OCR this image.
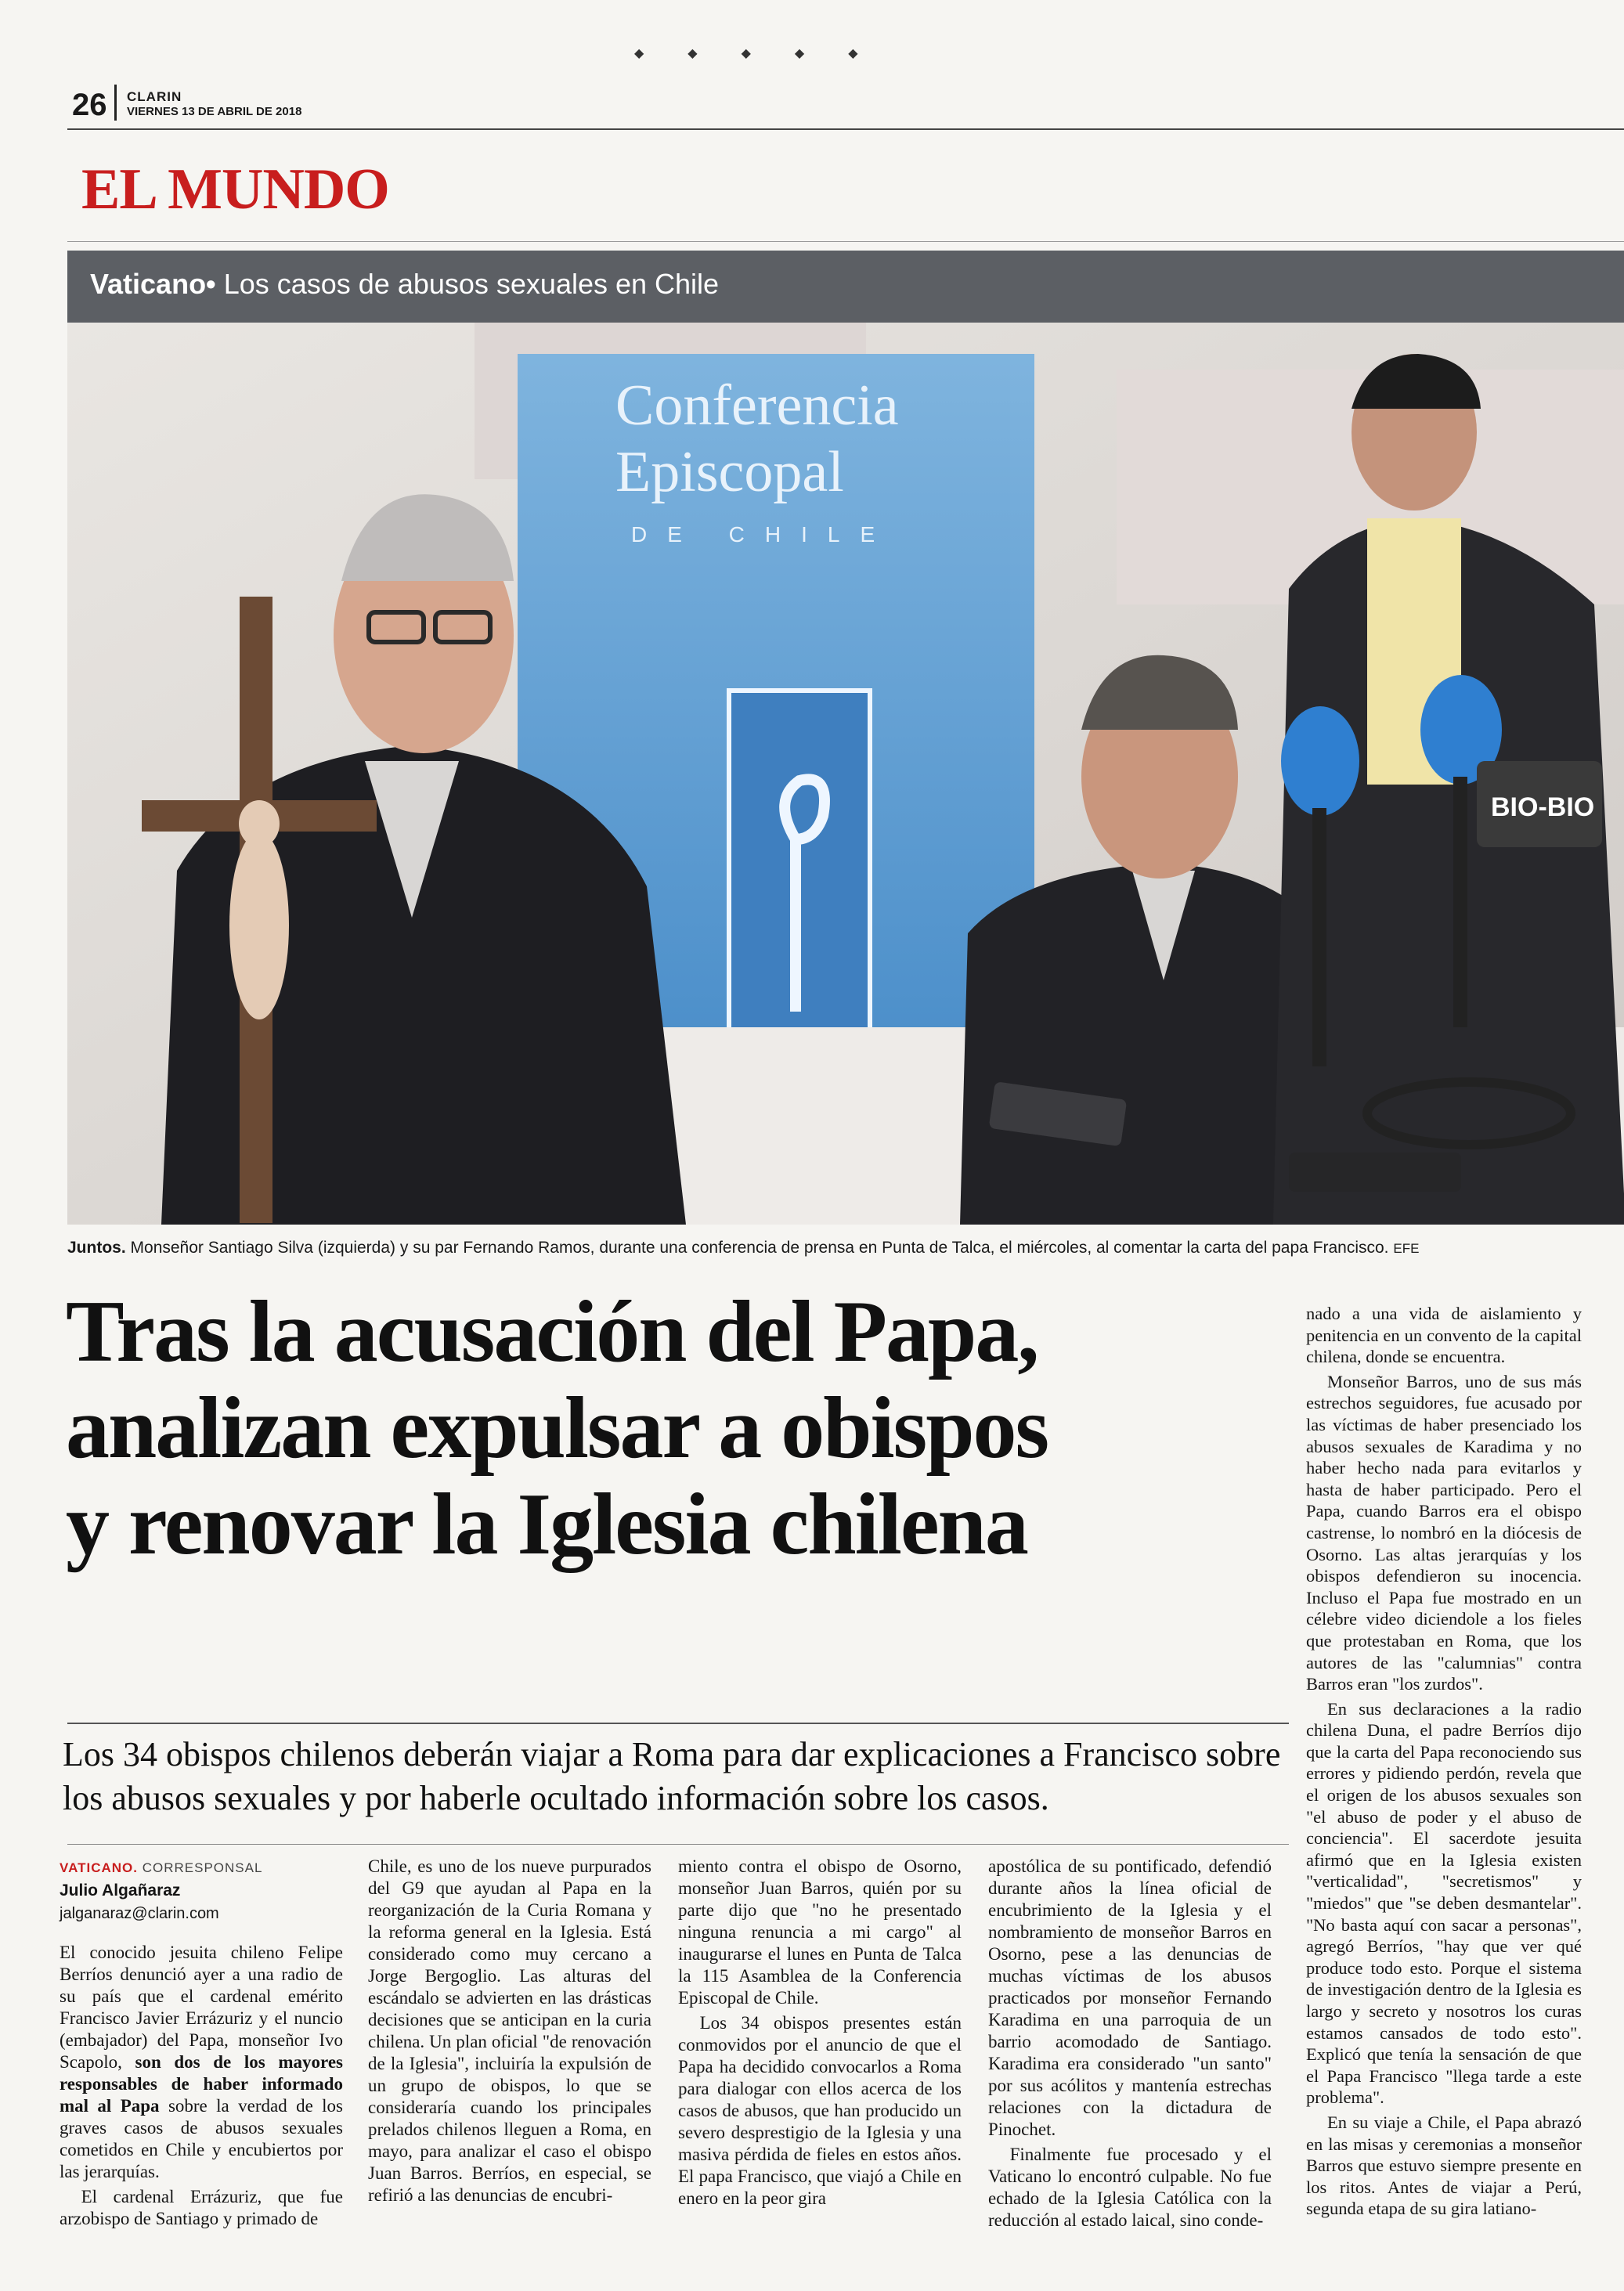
◆◆◆◆◆
26 CLARIN
VIERNES 13 DE ABRIL DE 2018
EL MUNDO
Vaticano• Los casos de abusos sexuales en Chile
Conferencia
Episcopal
DE CHILE
BIO-BIO
Juntos. Monseñor Santiago Silva (izquierda) y su par Fernando Ramos, durante una conferencia de prensa en Punta de Talca, el miércoles, al comentar la carta del papa Francisco. EFE
Tras la acusación del Papa,
analizan expulsar a obispos
y renovar la Iglesia chilena
Los 34 obispos chilenos deberán viajar a Roma para dar explicaciones a Francisco sobre los abusos sexuales y por haberle ocultado información sobre los casos.
VATICANO. CORRESPONSAL
Julio Algañaraz
jalganaraz@clarin.com

El conocido jesuita chileno Felipe Berríos denunció ayer a una radio de su país que el cardenal emérito Francisco Javier Errázuriz y el nuncio (embajador) del Papa, monseñor Ivo Scapolo, son dos de los mayores responsables de haber informado mal al Papa sobre la verdad de los graves casos de abusos sexuales cometidos en Chile y encubiertos por las jerarquías.

El cardenal Errázuriz, que fue arzobispo de Santiago y primado de

Chile, es uno de los nueve purpurados del G9 que ayudan al Papa en la reorganización de la Curia Romana y la reforma general en la Iglesia. Está considerado como muy cercano a Jorge Bergoglio. Las alturas del escándalo se advierten en las drásticas decisiones que se anticipan en la curia chilena. Un plan oficial "de renovación de la Iglesia", incluiría la expulsión de un grupo de obispos, lo que se consideraría cuando los principales prelados chilenos lleguen a Roma, en mayo, para analizar el caso el obispo Juan Barros. Berríos, en especial, se refirió a las denuncias de encubri-

miento contra el obispo de Osorno, monseñor Juan Barros, quién por su parte dijo que "no he presentado ninguna renuncia a mi cargo" al inaugurarse el lunes en Punta de Talca la 115 Asamblea de la Conferencia Episcopal de Chile.

Los 34 obispos presentes están conmovidos por el anuncio de que el Papa ha decidido convocarlos a Roma para dialogar con ellos acerca de los casos de abusos, que han producido un severo desprestigio de la Iglesia y una masiva pérdida de fieles en estos años. El papa Francisco, que viajó a Chile en enero en la peor gira

apostólica de su pontificado, defendió durante años la línea oficial de encubrimiento de la Iglesia y el nombramiento de monseñor Barros en Osorno, pese a las denuncias de muchas víctimas de los abusos practicados por monseñor Fernando Karadima en una parroquia de un barrio acomodado de Santiago. Karadima era considerado "un santo" por sus acólitos y mantenía estrechas relaciones con la dictadura de Pinochet.

Finalmente fue procesado y el Vaticano lo encontró culpable. No fue echado de la Iglesia Católica con la reducción al estado laical, sino conde-

nado a una vida de aislamiento y penitencia en un convento de la capital chilena, donde se encuentra.

Monseñor Barros, uno de sus más estrechos seguidores, fue acusado por las víctimas de haber presenciado los abusos sexuales de Karadima y no haber hecho nada para evitarlos y hasta de haber participado. Pero el Papa, cuando Barros era el obispo castrense, lo nombró en la diócesis de Osorno. Las altas jerarquías y los obispos defendieron su inocencia. Incluso el Papa fue mostrado en un célebre video diciendole a los fieles que protestaban en Roma, que los autores de las "calumnias" contra Barros eran "los zurdos".

En sus declaraciones a la radio chilena Duna, el padre Berríos dijo que la carta del Papa reconociendo sus errores y pidiendo perdón, revela que el origen de los abusos sexuales son "el abuso de poder y el abuso de conciencia". El sacerdote jesuita afirmó que en la Iglesia existen "verticalidad", "secretismos" y "miedos" que "se deben desmantelar". "No basta aquí con sacar a personas", agregó Berríos, "hay que ver qué produce todo esto. Porque el sistema de investigación dentro de la Iglesia es largo y secreto y nosotros los curas estamos cansados de todo esto". Explicó que tenía la sensación de que el Papa Francisco "llega tarde a este problema".

En su viaje a Chile, el Papa abrazó en las misas y ceremonias a monseñor Barros que estuvo siempre presente en los ritos. Antes de viajar a Perú, segunda etapa de su gira latiano-
